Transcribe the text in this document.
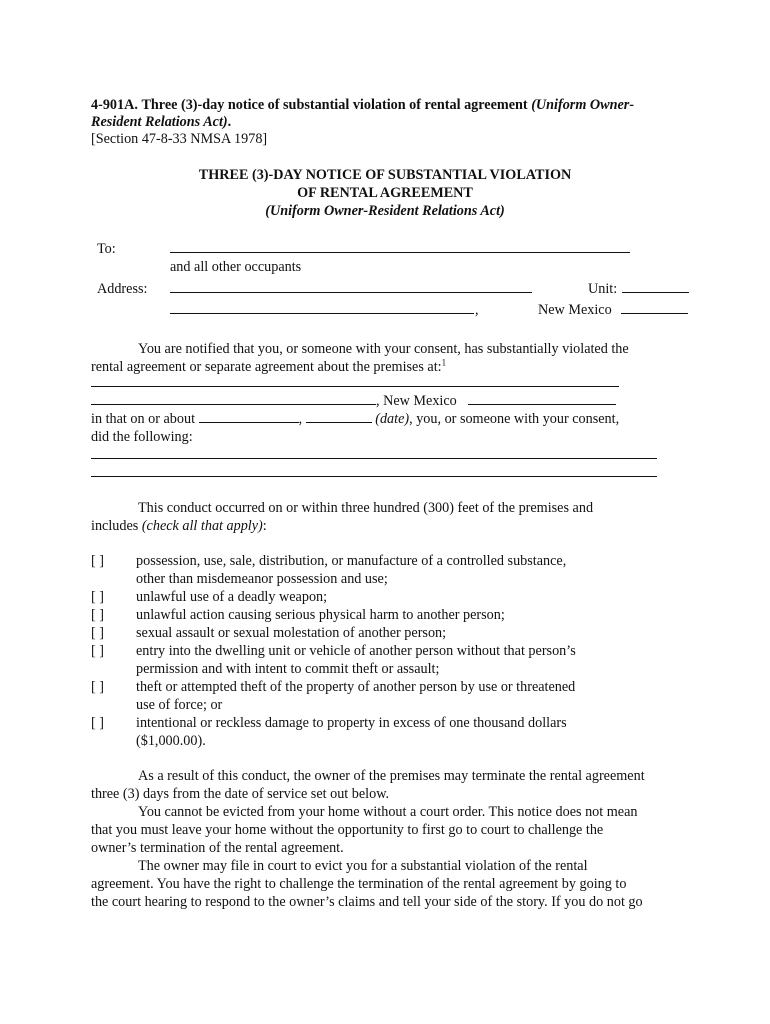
4-901A. Three (3)-day notice of substantial violation of rental agreement (Uniform Owner-
Resident Relations Act).
[Section 47-8-33 NMSA 1978]
THREE (3)-DAY NOTICE OF SUBSTANTIAL VIOLATION
OF RENTAL AGREEMENT
(Uniform Owner-Resident Relations Act)
To:
and all other occupants
Address:	Unit:
,	New Mexico
You are notified that you, or someone with your consent, has substantially violated the
rental agreement or separate agreement about the premises at:$^1$
, New Mexico
in that on or about	,	(date), you, or someone with your consent,
did the following:
This conduct occurred on or within three hundred (300) feet of the premises and
includes (check all that apply):
[ ] possession, use, sale, distribution, or manufacture of a controlled substance,
other than misdemeanor possession and use;
[ ] unlawful use of a deadly weapon;
[ ] unlawful action causing serious physical harm to another person;
[ ] sexual assault or sexual molestation of another person;
[ ] entry into the dwelling unit or vehicle of another person without that person’s
permission and with intent to commit theft or assault;
[ ] theft or attempted theft of the property of another person by use or threatened
use of force; or
[ ] intentional or reckless damage to property in excess of one thousand dollars
($1,000.00).
As a result of this conduct, the owner of the premises may terminate the rental agreement
three (3) days from the date of service set out below.
You cannot be evicted from your home without a court order. This notice does not mean
that you must leave your home without the opportunity to first go to court to challenge the
owner’s termination of the rental agreement.
The owner may file in court to evict you for a substantial violation of the rental
agreement. You have the right to challenge the termination of the rental agreement by going to
the court hearing to respond to the owner’s claims and tell your side of the story. If you do not go
